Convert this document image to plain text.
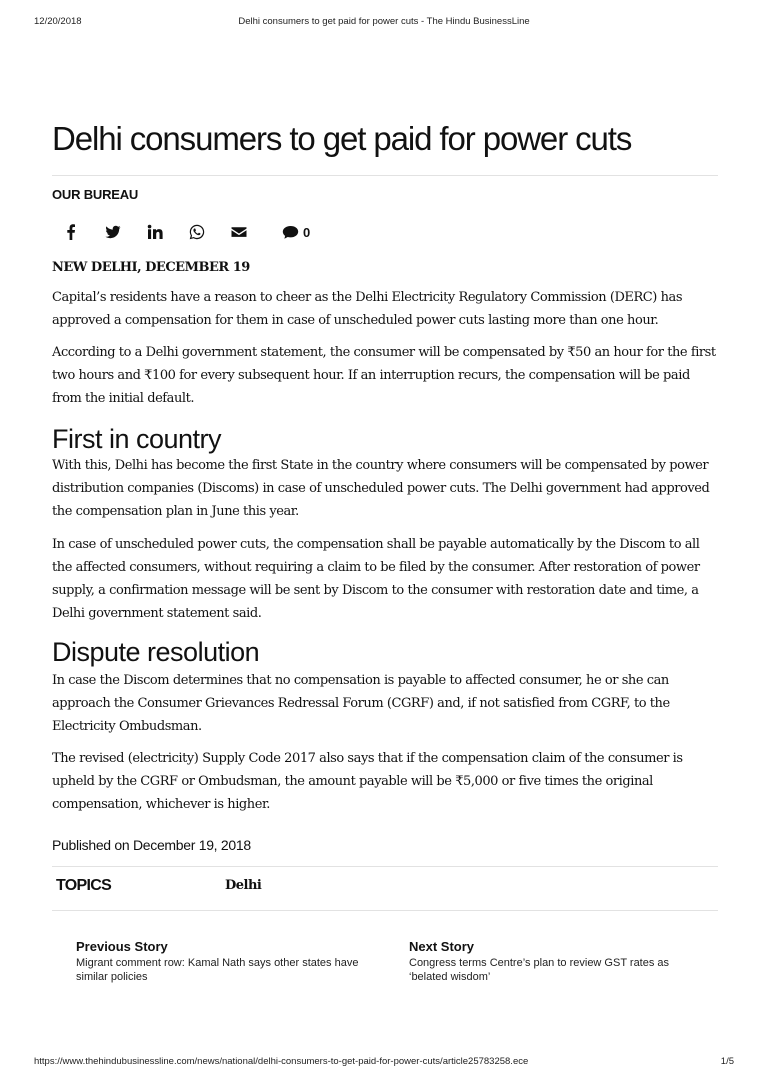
12/20/2018	Delhi consumers to get paid for power cuts - The Hindu BusinessLine
Delhi consumers to get paid for power cuts
OUR BUREAU
0
NEW DELHI, DECEMBER 19

Capital’s residents have a reason to cheer as the Delhi Electricity Regulatory Commission (DERC) has approved a compensation for them in case of unscheduled power cuts lasting more than one hour.

According to a Delhi government statement, the consumer will be compensated by ₹50 an hour for the first two hours and ₹100 for every subsequent hour. If an interruption recurs, the compensation will be paid from the initial default.

First in country

With this, Delhi has become the first State in the country where consumers will be compensated by power distribution companies (Discoms) in case of unscheduled power cuts. The Delhi government had approved the compensation plan in June this year.

In case of unscheduled power cuts, the compensation shall be payable automatically by the Discom to all the affected consumers, without requiring a claim to be filed by the consumer. After restoration of power supply, a confirmation message will be sent by Discom to the consumer with restoration date and time, a Delhi government statement said.

Dispute resolution

In case the Discom determines that no compensation is payable to affected consumer, he or she can approach the Consumer Grievances Redressal Forum (CGRF) and, if not satisfied from CGRF, to the Electricity Ombudsman.

The revised (electricity) Supply Code 2017 also says that if the compensation claim of the consumer is upheld by the CGRF or Ombudsman, the amount payable will be ₹5,000 or five times the original compensation, whichever is higher.

Published on December 19, 2018
TOPICS	Delhi
Previous Story
Migrant comment row: Kamal Nath says other states have similar policies
Next Story
Congress terms Centre’s plan to review GST rates as ‘belated wisdom’
https://www.thehindubusinessline.com/news/national/delhi-consumers-to-get-paid-for-power-cuts/article25783258.ece	1/5
